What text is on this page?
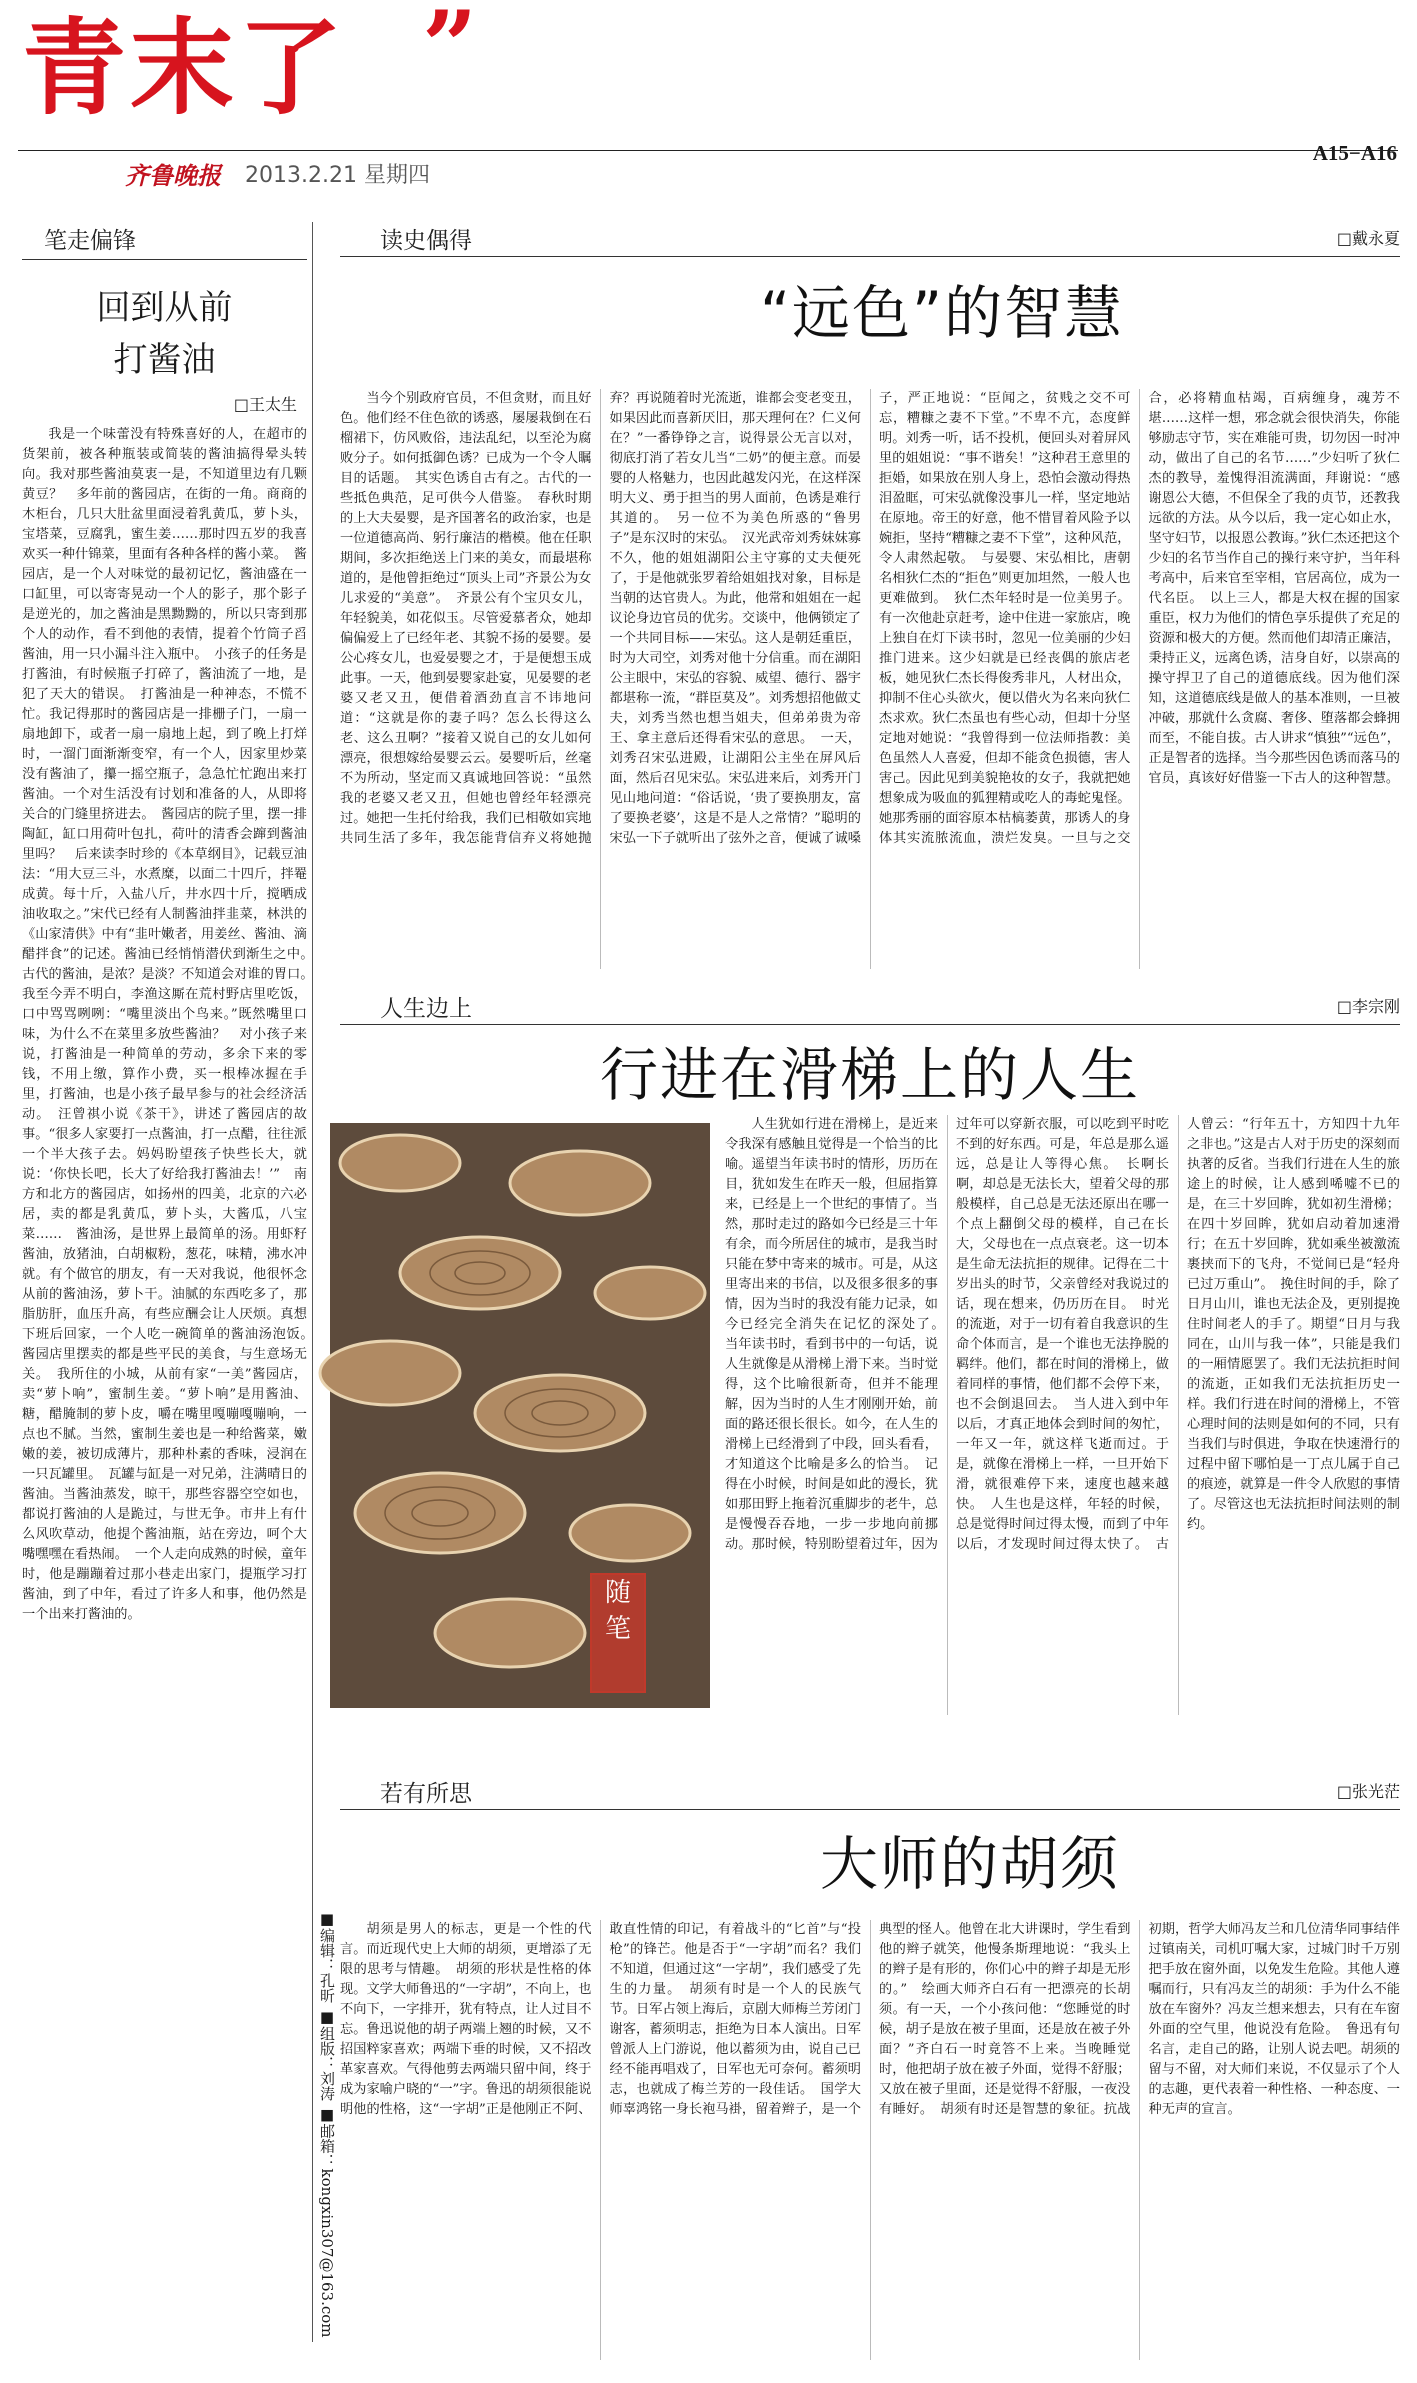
青末了 ”
齐鲁晚报 2013.2.21 星期四
A15−A16
笔走偏锋
回到从前
打酱油
□王太生
我是一个味蕾没有特殊喜好的人，在超市的货架前，被各种瓶装或简装的酱油搞得晕头转向。我对那些酱油莫衷一是，不知道里边有几颗黄豆？　多年前的酱园店，在街的一角。商商的木柜台，几只大肚盆里面浸着乳黄瓜，萝卜头，宝塔菜，豆腐乳，蜜生姜……那时四五岁的我喜欢买一种什锦菜，里面有各种各样的酱小菜。　酱园店，是一个人对味觉的最初记忆，酱油盛在一口缸里，可以寄寄晃动一个人的影子，那个影子是逆光的，加之酱油是黑黝黝的，所以只寄到那个人的动作，看不到他的表情，提着个竹筒子舀酱油，用一只小漏斗注入瓶中。　小孩子的任务是打酱油，有时候瓶子打碎了，酱油流了一地，是犯了天大的错误。　打酱油是一种神态，不慌不忙。我记得那时的酱园店是一排栅子门，一扇一扇地卸下，或者一扇一扇地上起，到了晚上打烊时，一溜门面渐渐变窄，有一个人，因家里炒菜没有酱油了，攥一摇空瓶子，急急忙忙跑出来打酱油。一个对生活没有讨划和准备的人，从即将关合的门缝里挤进去。　酱园店的院子里，摆一排陶缸，缸口用荷叶包扎，荷叶的清香会蹿到酱油里吗？　后来读李时珍的《本草纲目》，记载豆油法：“用大豆三斗，水煮糜，以面二十四斤，拌罨成黄。每十斤，入盐八斤，井水四十斤，搅晒成油收取之。”宋代已经有人制酱油拌韭菜，林洪的《山家清供》中有“韭叶嫩者，用姜丝、酱油、滴醋拌食”的记述。酱油已经悄悄潜伏到渐生之中。　古代的酱油，是浓？是淡？不知道会对谁的胃口。　我至今弄不明白，李渔这厮在荒村野店里吃饭，口中骂骂咧咧：“嘴里淡出个鸟来。”既然嘴里口味，为什么不在菜里多放些酱油？　对小孩子来说，打酱油是一种简单的劳动，多余下来的零钱，不用上缴，算作小费，买一根棒冰握在手里，打酱油，也是小孩子最早参与的社会经济活动。　汪曾祺小说《茶干》，讲述了酱园店的故事。“很多人家要打一点酱油，打一点醋，往往派一个半大孩子去。妈妈盼望孩子快些长大，就说：‘你快长吧，长大了好给我打酱油去！’”　南方和北方的酱园店，如扬州的四美，北京的六必居，卖的都是乳黄瓜，萝卜头，大酱瓜，八宝菜……　酱油汤，是世界上最简单的汤。用虾籽酱油，放猪油，白胡椒粉，葱花，味精，沸水冲就。有个做官的朋友，有一天对我说，他很怀念从前的酱油汤，萝卜干。油腻的东西吃多了，那脂肪肝，血压升高，有些应酬会让人厌烦。真想下班后回家，一个人吃一碗简单的酱油汤泡饭。　酱园店里摆卖的都是些平民的美食，与生意场无关。　我所住的小城，从前有家“一美”酱园店，卖“萝卜响”，蜜制生姜。“萝卜响”是用酱油、糖，醋腌制的萝卜皮，嚼在嘴里嘎嘣嘎嘣响，一点也不腻。当然，蜜制生姜也是一种给酱菜，嫩嫩的姜，被切成薄片，那种朴素的香味，浸润在一只瓦罐里。　瓦罐与缸是一对兄弟，注满晴日的酱油。当酱油蒸发，晾干，那些容器空空如也，都说打酱油的人是跪过，与世无争。市井上有什么风吹草动，他提个酱油瓶，站在旁边，呵个大嘴嘿嘿在看热闹。　一个人走向成熟的时候，童年时，他是蹦蹦着过那小巷走出家门，提瓶学习打酱油，到了中年，看过了许多人和事，他仍然是一个出来打酱油的。
■编辑：孔昕 ■组版：刘涛 ■邮箱：kongxin307@163.com
读史偶得	□戴永夏
“远色”的智慧
当今个别政府官员，不但贪财，而且好色。他们经不住色欲的诱惑，屡屡栽倒在石榴裙下，仿风败俗，违法乱纪，以至沦为腐败分子。如何抵御色诱？已成为一个令人瞩目的话题。　其实色诱自古有之。古代的一些抵色典范，足可供今人借鉴。　春秋时期的上大夫晏婴，是齐国著名的政治家，也是一位道德高尚、躬行廉洁的楷模。他在任职期间，多次拒绝送上门来的美女，而最堪称道的，是他曾拒绝过“顶头上司”齐景公为女儿求爱的“美意”。　齐景公有个宝贝女儿，年轻貌美，如花似玉。尽管爱慕者众，她却偏偏爱上了已经年老、其貌不扬的晏婴。晏公心疼女儿，也爱晏婴之才，于是便想玉成此事。一天，他到晏婴家赴宴，见晏婴的老婆又老又丑，便借着酒劲直言不讳地问道：“这就是你的妻子吗？怎么长得这么老、这么丑啊？”接着又说自己的女儿如何漂亮，很想嫁给晏婴云云。晏婴听后，丝毫不为所动，坚定而又真诚地回答说：“虽然我的老婆又老又丑，但她也曾经年轻漂亮过。她把一生托付给我，我们已相敬如宾地共同生活了多年，我怎能背信弃义将她抛弃？再说随着时光流逝，谁都会变老变丑，如果因此而喜新厌旧，那天理何在？仁义何在？”一番铮铮之言，说得景公无言以对，彻底打消了若女儿当“二奶”的便主意。而晏婴的人格魅力，也因此越发闪光，在这样深明大义、勇于担当的男人面前，色诱是难行其道的。　另一位不为美色所惑的“鲁男子”是东汉时的宋弘。　汉光武帝刘秀妹妹寡不久，他的姐姐湖阳公主守寡的丈夫便死了，于是他就张罗着给姐姐找对象，目标是当朝的达官贵人。为此，他常和姐姐在一起议论身边官员的优劣。交谈中，他俩锁定了一个共同目标——宋弘。这人是朝廷重臣，时为大司空，刘秀对他十分信重。而在湖阳公主眼中，宋弘的容貌、威望、德行、器宇都堪称一流，“群臣莫及”。刘秀想招他做丈夫，刘秀当然也想当姐夫，但弟弟贵为帝王、拿主意后还得看宋弘的意思。　一天，刘秀召宋弘进殿，让湖阳公主坐在屏风后面，然后召见宋弘。宋弘进来后，刘秀开门见山地问道：“俗话说，‘贵了要换朋友，富了要换老婆’，这是不是人之常情？”聪明的宋弘一下子就听出了弦外之音，便诚了诚嗓子，严正地说：“臣闻之，贫贱之交不可忘，糟糠之妻不下堂。”不卑不亢，态度鲜明。刘秀一听，话不投机，便回头对着屏风里的姐姐说：“事不谐矣！”这种君王意里的拒婚，如果放在别人身上，恐怕会激动得热泪盈眶，可宋弘就像没事儿一样，坚定地站在原地。帝王的好意，他不惜冒着风险予以婉拒，坚持“糟糠之妻不下堂”，这种风范，令人肃然起敬。　与晏婴、宋弘相比，唐朝名相狄仁杰的“拒色”则更加坦然，一般人也更难做到。　狄仁杰年轻时是一位美男子。有一次他赴京赶考，途中住进一家旅店，晚上独自在灯下读书时，忽见一位美丽的少妇推门进来。这少妇就是已经丧偶的旅店老板，她见狄仁杰长得俊秀非凡，人材出众，抑制不住心头欲火，便以借火为名来向狄仁杰求欢。狄仁杰虽也有些心动，但却十分坚定地对她说：“我曾得到一位法师指教：美色虽然人人喜爱，但却不能贪色损德，害人害己。因此见到美貌艳妆的女子，我就把她想象成为吸血的狐狸精或吃人的毒蛇鬼怪。她那秀丽的面容原本枯槁萎黄，那诱人的身体其实流脓流血，溃烂发臭。一旦与之交合，必将精血枯竭，百病缠身，魂芳不堪……这样一想，邪念就会很快消失，你能够励志守节，实在难能可贵，切勿因一时冲动，做出了自己的名节……”少妇听了狄仁杰的教导，羞愧得泪流满面，拜谢说：“感谢恩公大德，不但保全了我的贞节，还教我远欲的方法。从今以后，我一定心如止水，坚守妇节，以报恩公教诲。”狄仁杰还把这个少妇的名节当作自己的操行来守护，当年科考高中，后来官至宰相，官居高位，成为一代名臣。　以上三人，都是大权在握的国家重臣，权力为他们的情色享乐提供了充足的资源和极大的方便。然而他们却清正廉洁，秉持正义，远离色诱，洁身自好，以崇高的操守捍卫了自己的道德底线。因为他们深知，这道德底线是做人的基本准则，一旦被冲破，那就什么贪腐、奢侈、堕落都会蜂拥而至，不能自拔。古人讲求“慎独”“远色”，正是智者的选择。当今那些因色诱而落马的官员，真该好好借鉴一下古人的这种智慧。
人生边上	□李宗刚
行进在滑梯上的人生
随
笔
人生犹如行进在滑梯上，是近来令我深有感触且觉得是一个恰当的比喻。遥望当年读书时的情形，历历在目，犹如发生在昨天一般，但屈指算来，已经是上一个世纪的事情了。当然，那时走过的路如今已经是三十年有余，而今所居住的城市，是我当时只能在梦中寄来的城市。可是，从这里寄出来的书信，以及很多很多的事情，因为当时的我没有能力记录，如今已经完全消失在记忆的深处了。　当年读书时，看到书中的一句话，说人生就像是从滑梯上滑下来。当时觉得，这个比喻很新奇，但并不能理解，因为当时的人生才刚刚开始，前面的路还很长很长。如今，在人生的滑梯上已经滑到了中段，回头看看，才知道这个比喻是多么的恰当。　记得在小时候，时间是如此的漫长，犹如那田野上拖着沉重脚步的老牛，总是慢慢吞吞地，一步一步地向前挪动。那时候，特别盼望着过年，因为过年可以穿新衣服，可以吃到平时吃不到的好东西。可是，年总是那么遥远，总是让人等得心焦。　长啊长啊，却总是无法长大，望着父母的那般模样，自己总是无法还原出在哪一个点上翻倒父母的模样，自己在长大，父母也在一点点衰老。这一切本是生命无法抗拒的规律。记得在二十岁出头的时节，父亲曾经对我说过的话，现在想来，仍历历在目。　时光的流逝，对于一切有着自我意识的生命个体而言，是一个谁也无法挣脱的羁绊。他们，都在时间的滑梯上，做着同样的事情，他们都不会停下来，也不会倒退回去。　当人进入到中年以后，才真正地体会到时间的匆忙，一年又一年，就这样飞逝而过。于是，就像在滑梯上一样，一旦开始下滑，就很难停下来，速度也越来越快。　人生也是这样，年轻的时候，总是觉得时间过得太慢，而到了中年以后，才发现时间过得太快了。　古人曾云：“行年五十，方知四十九年之非也。”这是古人对于历史的深刻而执著的反省。当我们行进在人生的旅途上的时候，让人感到唏嘘不已的是，在三十岁回眸，犹如初生滑梯；在四十岁回眸，犹如启动着加速滑行；在五十岁回眸，犹如乘坐被激流裹挟而下的飞舟，不觉间已是“轻舟已过万重山”。　挽住时间的手，除了日月山川，谁也无法企及，更别提挽住时间老人的手了。期望“日月与我同在，山川与我一体”，只能是我们的一厢情愿罢了。我们无法抗拒时间的流逝，正如我们无法抗拒历史一样。我们行进在时间的滑梯上，不管心理时间的法则是如何的不同，只有当我们与时俱进，争取在快速滑行的过程中留下哪怕是一丁点儿属于自己的痕迹，就算是一件令人欣慰的事情了。尽管这也无法抗拒时间法则的制约。
若有所思	□张光茫
大师的胡须
胡须是男人的标志，更是一个性的代言。而近现代史上大师的胡须，更增添了无限的思考与情趣。　胡须的形状是性格的体现。文学大师鲁迅的“一字胡”，不向上，也不向下，一字排开，犹有特点，让人过目不忘。鲁迅说他的胡子两端上翘的时候，又不招国粹家喜欢；两端下垂的时候，又不招改革家喜欢。气得他剪去两端只留中间，终于成为家喻户晓的“一”字。鲁迅的胡须很能说明他的性格，这“一字胡”正是他刚正不阿、敢直性情的印记，有着战斗的“匕首”与“投枪”的锋芒。他是否于“一字胡”而名？我们不知道，但通过这“一字胡”，我们感受了先生的力量。　胡须有时是一个人的民族气节。日军占领上海后，京剧大师梅兰芳闭门谢客，蓄须明志，拒绝为日本人演出。日军曾派人上门游说，他以蓄须为由，说自己已经不能再唱戏了，日军也无可奈何。蓄须明志，也就成了梅兰芳的一段佳话。　国学大师辜鸿铭一身长袍马褂，留着辫子，是一个典型的怪人。他曾在北大讲课时，学生看到他的辫子就笑，他慢条斯理地说：“我头上的辫子是有形的，你们心中的辫子却是无形的。”　绘画大师齐白石有一把漂亮的长胡须。有一天，一个小孩问他：“您睡觉的时候，胡子是放在被子里面，还是放在被子外面？”齐白石一时竟答不上来。当晚睡觉时，他把胡子放在被子外面，觉得不舒服；又放在被子里面，还是觉得不舒服，一夜没有睡好。　胡须有时还是智慧的象征。抗战初期，哲学大师冯友兰和几位清华同事结伴过镇南关，司机叮嘱大家，过城门时千万别把手放在窗外面，以免发生危险。其他人遵嘱而行，只有冯友兰的胡须：手为什么不能放在车窗外？冯友兰想来想去，只有在车窗外面的空气里，他说没有危险。　鲁迅有句名言，走自己的路，让别人说去吧。胡须的留与不留，对大师们来说，不仅显示了个人的志趣，更代表着一种性格、一种态度、一种无声的宣言。
